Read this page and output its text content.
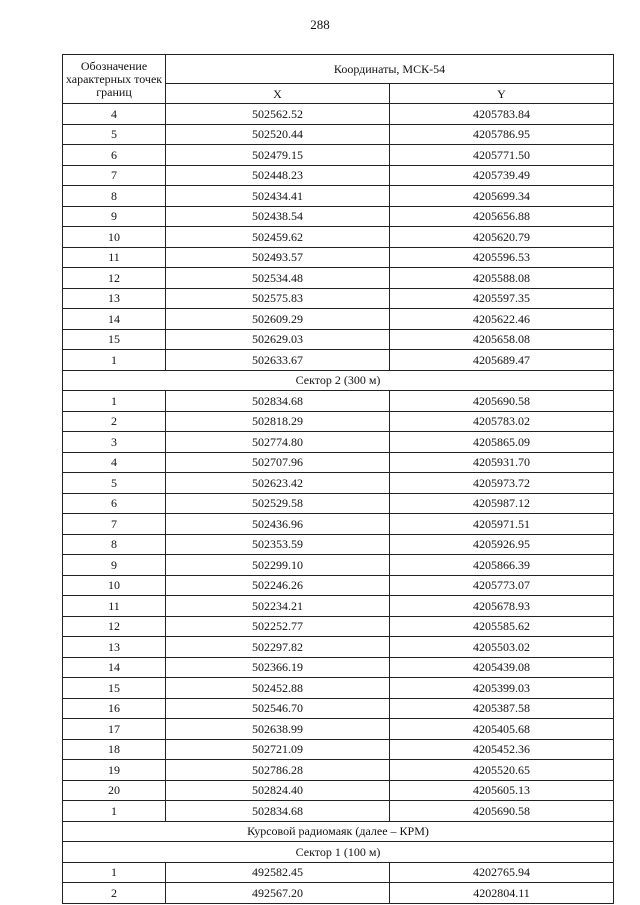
288
Обозначение характерных точек границ	Координаты, МСК-54	
	X	Y
4	502562.52	4205783.84
5	502520.44	4205786.95
6	502479.15	4205771.50
7	502448.23	4205739.49
8	502434.41	4205699.34
9	502438.54	4205656.88
10	502459.62	4205620.79
11	502493.57	4205596.53
12	502534.48	4205588.08
13	502575.83	4205597.35
14	502609.29	4205622.46
15	502629.03	4205658.08
1	502633.67	4205689.47
Сектор 2 (300 м)		
1	502834.68	4205690.58
2	502818.29	4205783.02
3	502774.80	4205865.09
4	502707.96	4205931.70
5	502623.42	4205973.72
6	502529.58	4205987.12
7	502436.96	4205971.51
8	502353.59	4205926.95
9	502299.10	4205866.39
10	502246.26	4205773.07
11	502234.21	4205678.93
12	502252.77	4205585.62
13	502297.82	4205503.02
14	502366.19	4205439.08
15	502452.88	4205399.03
16	502546.70	4205387.58
17	502638.99	4205405.68
18	502721.09	4205452.36
19	502786.28	4205520.65
20	502824.40	4205605.13
1	502834.68	4205690.58
Курсовой радиомаяк (далее – КРМ)		
Сектор 1 (100 м)		
1	492582.45	4202765.94
2	492567.20	4202804.11
